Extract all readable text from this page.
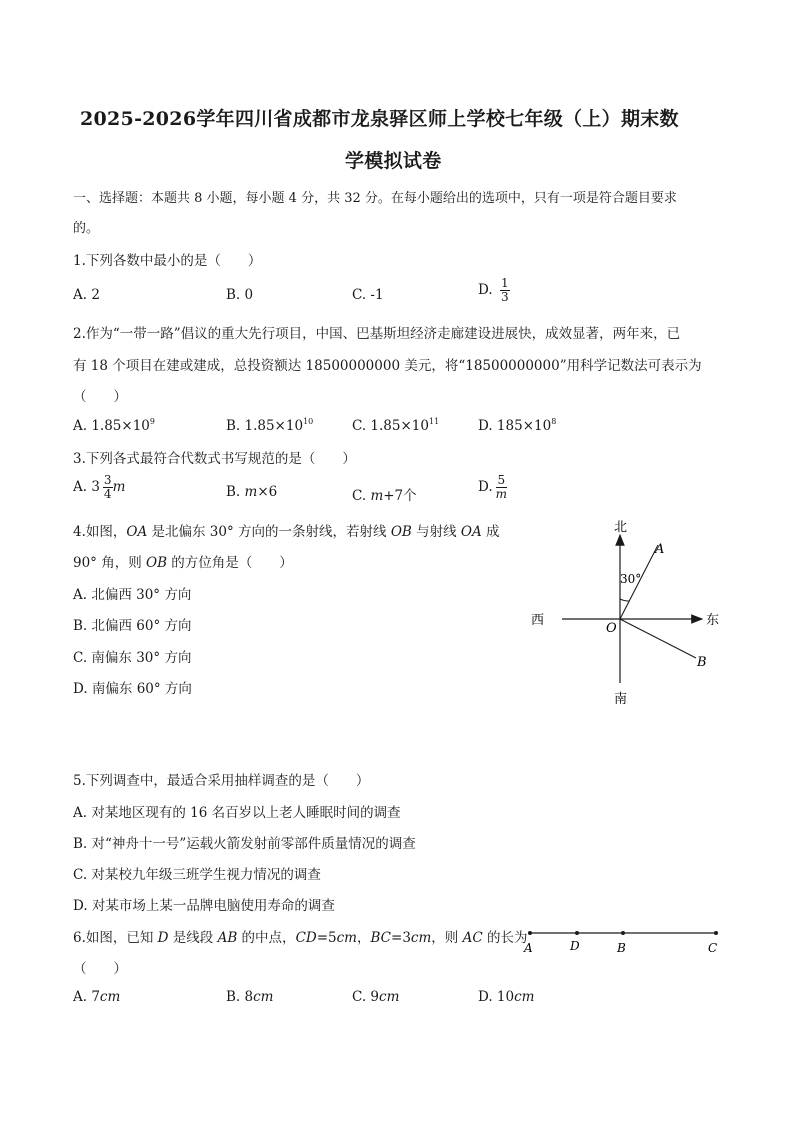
2025-2026学年四川省成都市龙泉驿区师上学校七年级（上）期末数
学模拟试卷
一、选择题：本题共 8 小题，每小题 4 分，共 32 分。在每小题给出的选项中，只有一项是符合题目要求
的。
1.下列各数中最小的是（　　）
A. 2	B. 0	C. -1	D. $\frac{1}{3}$
2.作为“一带一路”倡议的重大先行项目，中国、巴基斯坦经济走廊建设进展快，成效显著，两年来，已
有 18 个项目在建或建成，总投资额达 18500000000 美元，将“18500000000”用科学记数法可表示为
（　　）
A. $1.85\times 10^9$	B. $1.85\times 10^{10}$	C. $1.85\times 10^{11}$	D. $185\times 10^8$
3.下列各式最符合代数式书写规范的是（　　）
A. $3 \frac{3}{4}$ m	B. m×6	C. m+7个
D. $\frac{5}{m}$
4.如图，OA 是北偏东 30° 方向的一条射线，若射线 OB 与射线 OA 成
90° 角，则 OB 的方位角是（　　）
A. 北偏西 30° 方向
B. 北偏西 60° 方向
C. 南偏东 30° 方向
D. 南偏东 60° 方向
北
南
西	东
O
A
B
30°
5.下列调查中，最适合采用抽样调查的是（　　）
A. 对某地区现有的 16 名百岁以上老人睡眠时间的调查
B. 对“神舟十一号”运载火箭发射前零部件质量情况的调查
C. 对某校九年级三班学生视力情况的调查
D. 对某市场上某一品牌电脑使用寿命的调查
6.如图，已知 D 是线段 AB 的中点，CD=5cm，BC=3cm，则 AC 的长为
（　　）
A. 7cm	B. 8cm	C. 9cm	D. 10cm
A	D	B	C
